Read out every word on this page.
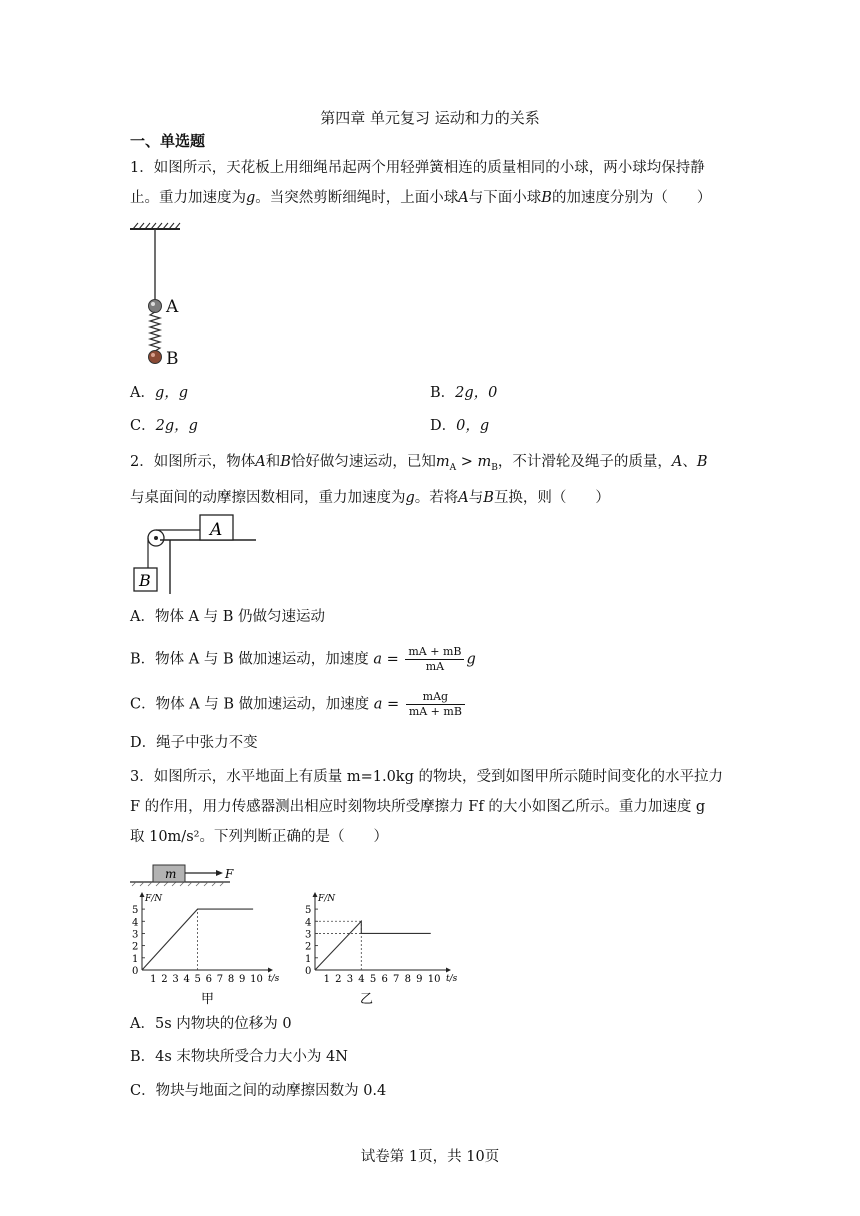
第四章 单元复习 运动和力的关系
一、单选题
1．如图所示，天花板上用细绳吊起两个用轻弹簧相连的质量相同的小球，两小球均保持静
止。重力加速度为g。当突然剪断细绳时，上面小球A与下面小球B的加速度分别为（　　）
A
B
A．g，g	B．2g，0
C．2g，g	D．0，g
2．如图所示，物体A和B恰好做匀速运动，已知$m_A > m_B$，不计滑轮及绳子的质量，A、B
与桌面间的动摩擦因数相同，重力加速度为g。若将A与B互换，则（　　）
A
B
A．物体 A 与 B 仍做匀速运动
B．物体 A 与 B 做加速运动，加速度 $a = \frac{mA + mB}{mA}$ g
C．物体 A 与 B 做加速运动，加速度 $a = \frac{\text{mAg}}{mA + mB}$
D．绳子中张力不变
3．如图所示，水平地面上有质量 m=1.0kg 的物块，受到如图甲所示随时间变化的水平拉力
F 的作用，用力传感器测出相应时刻物块所受摩擦力 Ff 的大小如图乙所示。重力加速度 g
取 10m/s²。下列判断正确的是（　　）
m	F
F/N
t/s
0
1 2 3 4 5 6 7 8 9 10
1
2
3
4
5
甲
F/N
t/s
0
1 2 3 4 5 6 7 8 9 10
1
2
3
4
5
乙
A．5s 内物块的位移为 0
B．4s 末物块所受合力大小为 4N
C．物块与地面之间的动摩擦因数为 0.4
试卷第 1页，共 10页
